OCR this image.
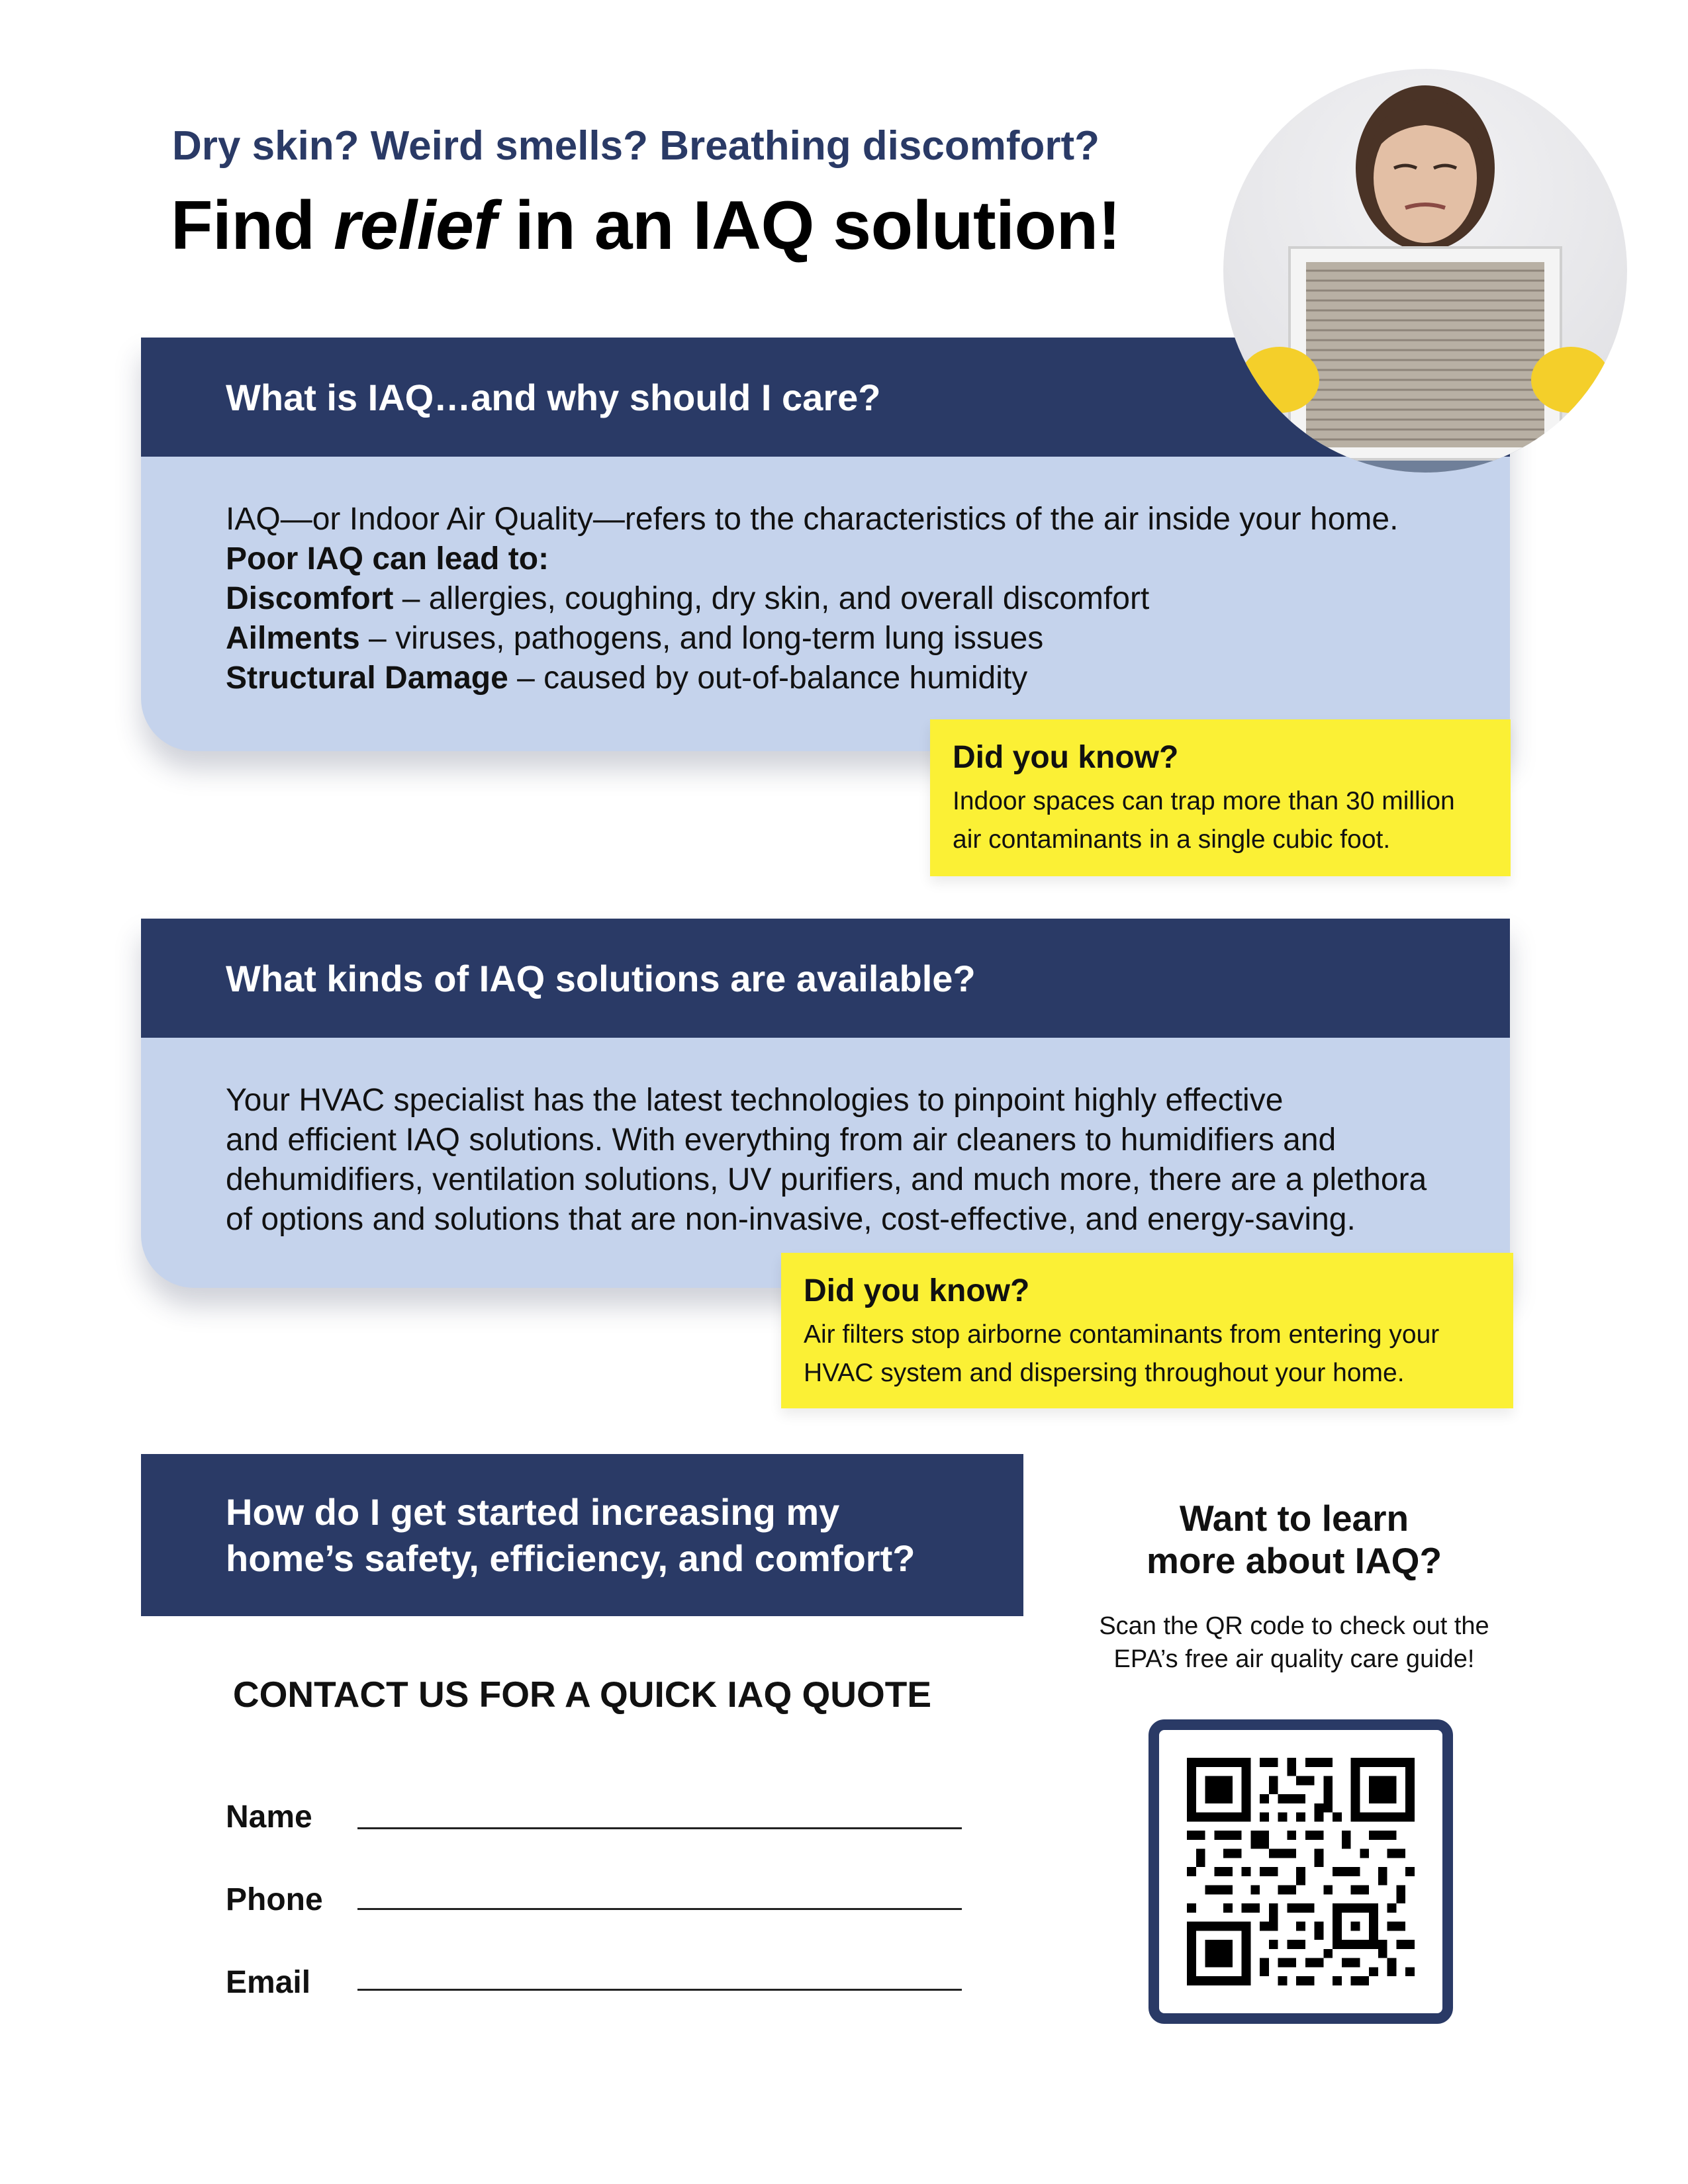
Dry skin? Weird smells? Breathing discomfort?
Find relief in an IAQ solution!
What is IAQ…and why should I care?
IAQ—or Indoor Air Quality—refers to the characteristics of the air inside your home.
Poor IAQ can lead to:
Discomfort – allergies, coughing, dry skin, and overall discomfort
Ailments – viruses, pathogens, and long-term lung issues
Structural Damage – caused by out-of-balance humidity
Did you know?
Indoor spaces can trap more than 30 million
air contaminants in a single cubic foot.
What kinds of IAQ solutions are available?
Your HVAC specialist has the latest technologies to pinpoint highly effective
and efficient IAQ solutions. With everything from air cleaners to humidifiers and
dehumidifiers, ventilation solutions, UV purifiers, and much more, there are a plethora
of options and solutions that are non-invasive, cost-effective, and energy-saving.
Did you know?
Air filters stop airborne contaminants from entering your
HVAC system and dispersing throughout your home.
How do I get started increasing my
home’s safety, efficiency, and comfort?
CONTACT US FOR A QUICK IAQ QUOTE
Name
Phone
Email
Want to learn
more about IAQ?
Scan the QR code to check out the
EPA’s free air quality care guide!
